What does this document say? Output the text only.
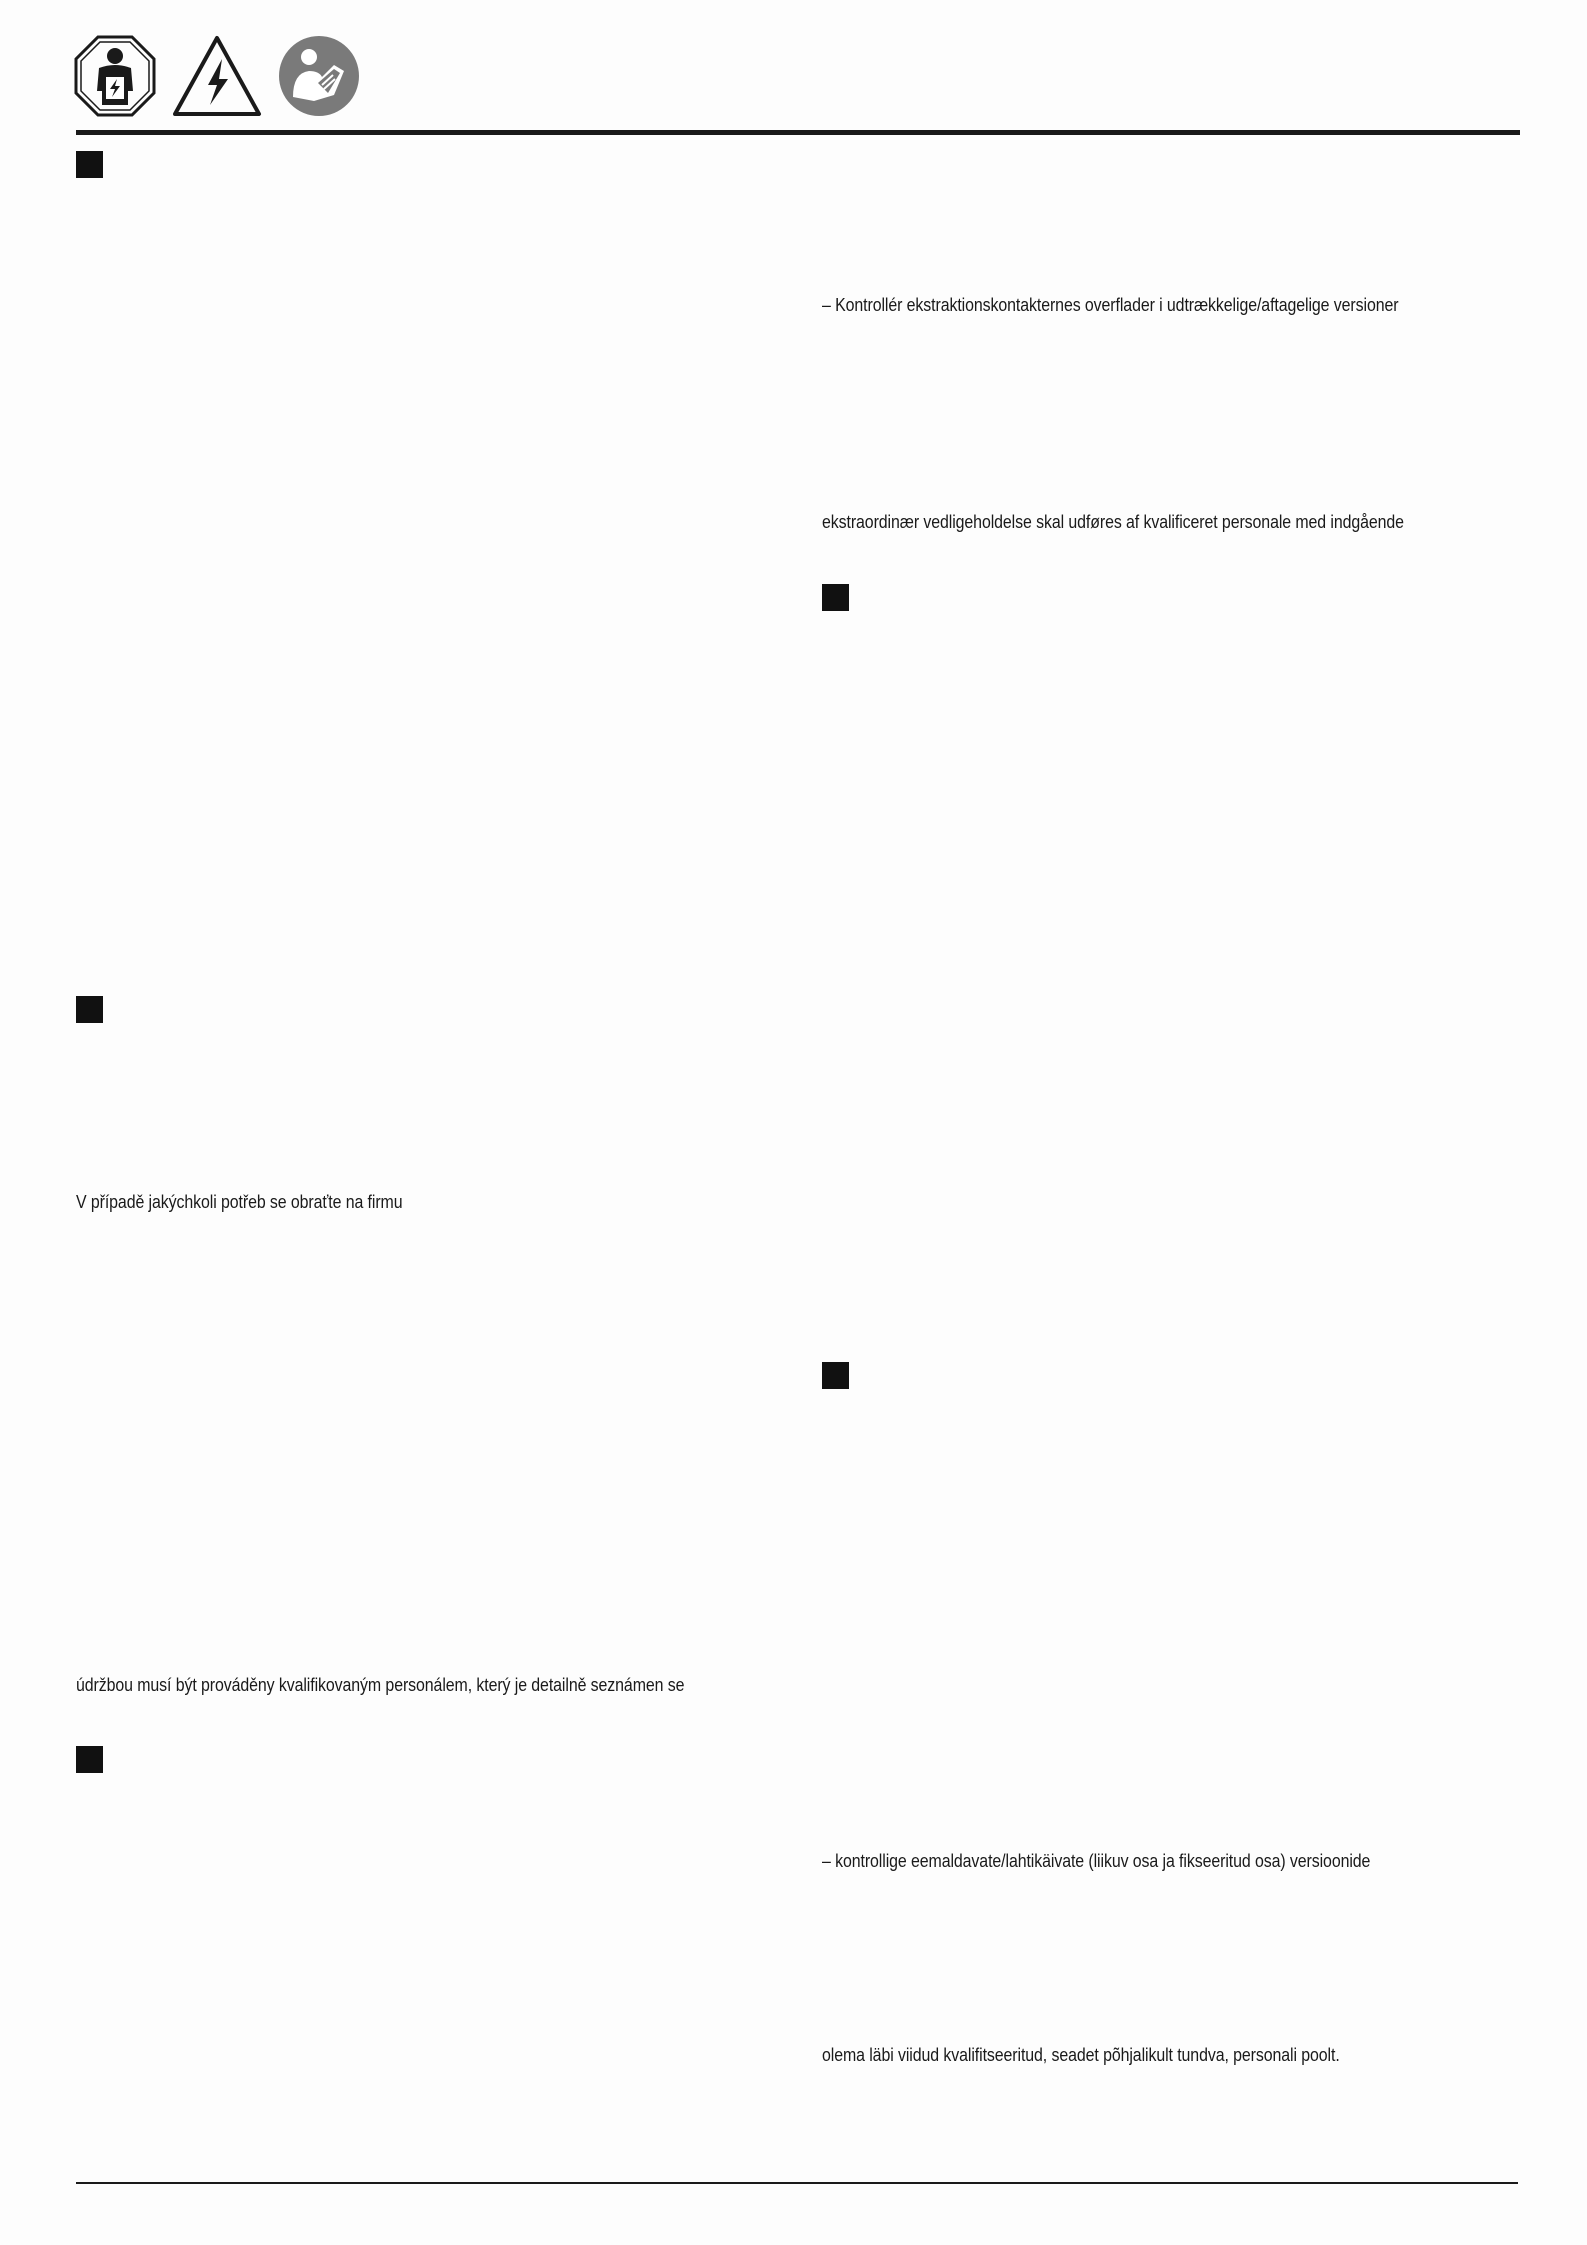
V případě jakýchkoli potřeb se obraťte na firmu
údržbou musí být prováděny kvalifikovaným personálem, který je detailně seznámen se
– Kontrollér ekstraktionskontakternes overflader i udtrækkelige/aftagelige versioner
ekstraordinær vedligeholdelse skal udføres af kvalificeret personale med indgående
– kontrollige eemaldavate/lahtikäivate (liikuv osa ja fikseeritud osa) versioonide
olema läbi viidud kvalifitseeritud, seadet põhjalikult tundva, personali poolt.
